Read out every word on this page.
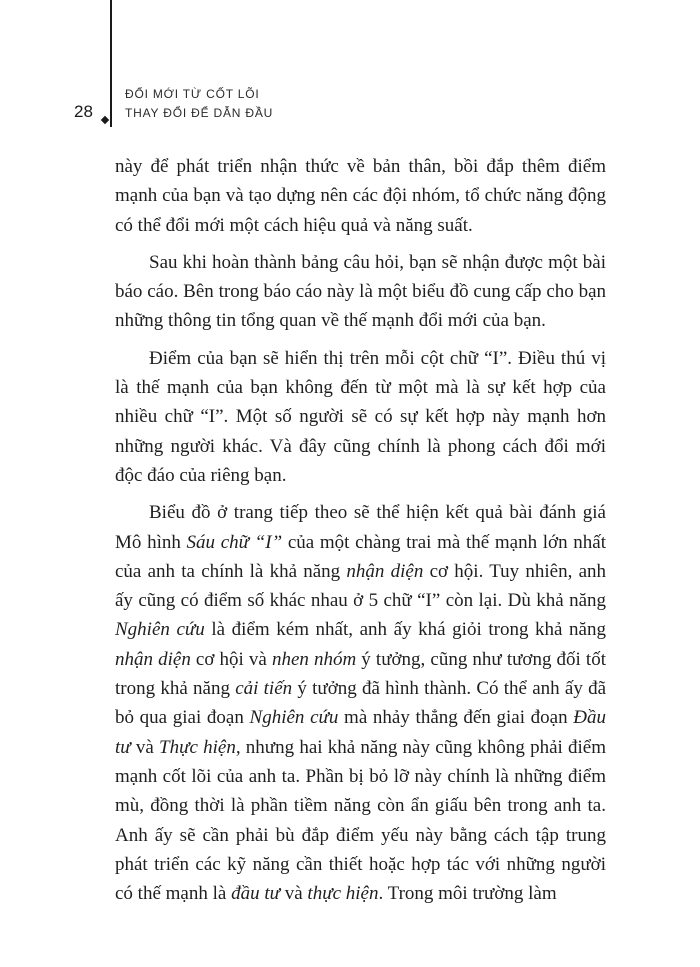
28
ĐỔI MỚI TỪ CỐT LÕI
THAY ĐỔI ĐỂ DẪN ĐẦU

này để phát triển nhận thức về bản thân, bồi đắp thêm điểm mạnh của bạn và tạo dựng nên các đội nhóm, tổ chức năng động có thể đổi mới một cách hiệu quả và năng suất.

Sau khi hoàn thành bảng câu hỏi, bạn sẽ nhận được một bài báo cáo. Bên trong báo cáo này là một biểu đồ cung cấp cho bạn những thông tin tổng quan về thế mạnh đổi mới của bạn.

Điểm của bạn sẽ hiển thị trên mỗi cột chữ “I”. Điều thú vị là thế mạnh của bạn không đến từ một mà là sự kết hợp của nhiều chữ “I”. Một số người sẽ có sự kết hợp này mạnh hơn những người khác. Và đây cũng chính là phong cách đổi mới độc đáo của riêng bạn.

Biểu đồ ở trang tiếp theo sẽ thể hiện kết quả bài đánh giá Mô hình Sáu chữ “I” của một chàng trai mà thế mạnh lớn nhất của anh ta chính là khả năng nhận diện cơ hội. Tuy nhiên, anh ấy cũng có điểm số khác nhau ở 5 chữ “I” còn lại. Dù khả năng Nghiên cứu là điểm kém nhất, anh ấy khá giỏi trong khả năng nhận diện cơ hội và nhen nhóm ý tưởng, cũng như tương đối tốt trong khả năng cải tiến ý tưởng đã hình thành. Có thể anh ấy đã bỏ qua giai đoạn Nghiên cứu mà nhảy thẳng đến giai đoạn Đầu tư và Thực hiện, nhưng hai khả năng này cũng không phải điểm mạnh cốt lõi của anh ta. Phần bị bỏ lỡ này chính là những điểm mù, đồng thời là phần tiềm năng còn ẩn giấu bên trong anh ta. Anh ấy sẽ cần phải bù đắp điểm yếu này bằng cách tập trung phát triển các kỹ năng cần thiết hoặc hợp tác với những người có thế mạnh là đầu tư và thực hiện. Trong môi trường làm
